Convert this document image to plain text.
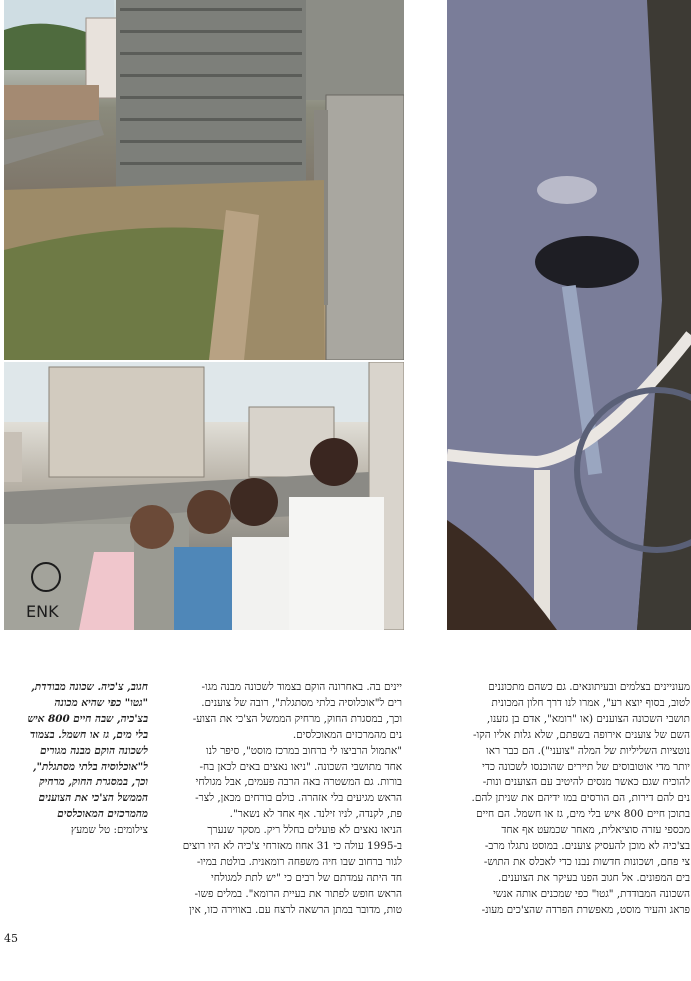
ENK

מעוניינים בצלמים ובעיתונאים. גם כשהם מתכוננים

לטוב, בסוף יוצא רע", אמרו לנו דרך חלון המכונית

תושבי השכונה הצוענים (או "רומא", אדם בן גזענו,

השם של צוענים אירופה בשפתם, שלא גלות אליו הקו-

נוטציות השליליות של המלה "צועני"). הם כבר ראו

יותר מדי אוטובוסים של תיירים שהוכנסו לשכונה כדי

להוכיח שגם כאשר מנסים להיטיב עם הצוענים ונות-

נים להם דירות, הם הורסים במו ידיהם את שניתן להם.

בתוכן חיים 800 איש בלי מים, גז או חשמל. הם חיים

מכספי עזרה סוציאלית, מאחר שכמעט אף אחד

בצ'כיה לא מוכן להעסיק צוענים. במוסט נתגלו מרב-

צי פחם, ושכונות חדשות נבנו כדי לאכלס את התוש-

בים המפונים. אל חגוב הפנו בעיקר את הצוענים.

השכונה המבודדת, "גטו" כפי שמכנים אותה אנשי

פראג והעיר מוסט, מאפשרת הפרדה שהצ'כים מעונ-

יינים בה. באחרונה הוקם בצמוד לשכונה מבנה מגו-

רים ל"אוכלוסיה בלתי מסתגלת", רובה של צוענים.

וכך, במסגרת החוק, מרחיק הממשל הצ'כי את הצוע-

נים מהמרכזים המאוכלסים.

"אתמול הרביצו לי ברחוב במרכז מוסט", סיפר לנו

אחד מתושבי השכונה. "ניאו נאצים באים לכאן בח-

בורות. גם המשטרה באה הרבה פעמים, אבל מגולחי

הראש מגיעים בלי אזהרה. כולם בורחים מכאן, לצר-

פת, לקנדה, לניו זילנד. אף אחד לא נשאר".

הניאו נאצים לא פועלים בחלל ריק. מסקר שנערך

ב-1995 עולה כי 31 אחוז מאזרחי צ'כיה לא היו רוצים

לגור ברחוב שבו חיה משפחה רומאנית. בולטת במיו-

חד היתה עמדתם של רבים כי "יש לתת למגולחי

הראש חופש לפתור את בעיית הרומא". במלים פשו-

טות, מדובר במתן הרשאה לרצח עם. באווירה כזו, אין

חגוב, צ'כיה. שכונה מבודדת,

"גטו" כפי שהיא מכונה

בצ'כיה, שבה חיים 800 איש

בלי מים, גז או חשמל. בצמוד

לשכונה הוקם מבנה מגורים

ל"אוכלוסיה בלתי מסתגלת",

וכך, במסגרת החוק, מרחיק

הממשל הצ'כי את הצוענים

מהמרכזים המאוכלסים

צילומים: טל שמעץ

45
